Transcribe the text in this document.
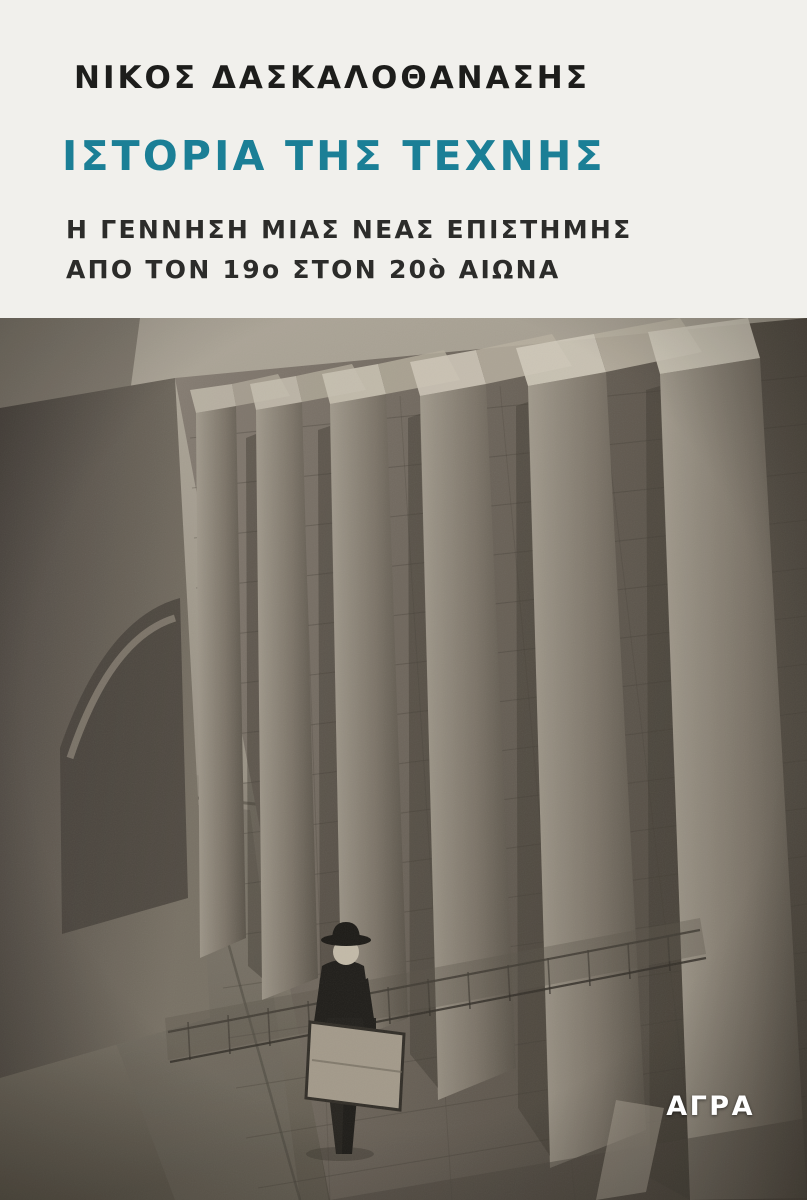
ΝΙΚΟΣ ΔΑΣΚΑΛΟΘΑΝΑΣΗΣ
ΙΣΤΟΡΙΑ ΤΗΣ ΤΕΧΝΗΣ
Η ΓΕΝΝΗΣΗ ΜΙΑΣ ΝΕΑΣ ΕΠΙΣΤΗΜΗΣ
ΑΠΟ ΤΟΝ 19ο ΣΤΟΝ 20ὸ ΑΙΩΝΑ
ΑΓΡΑ
